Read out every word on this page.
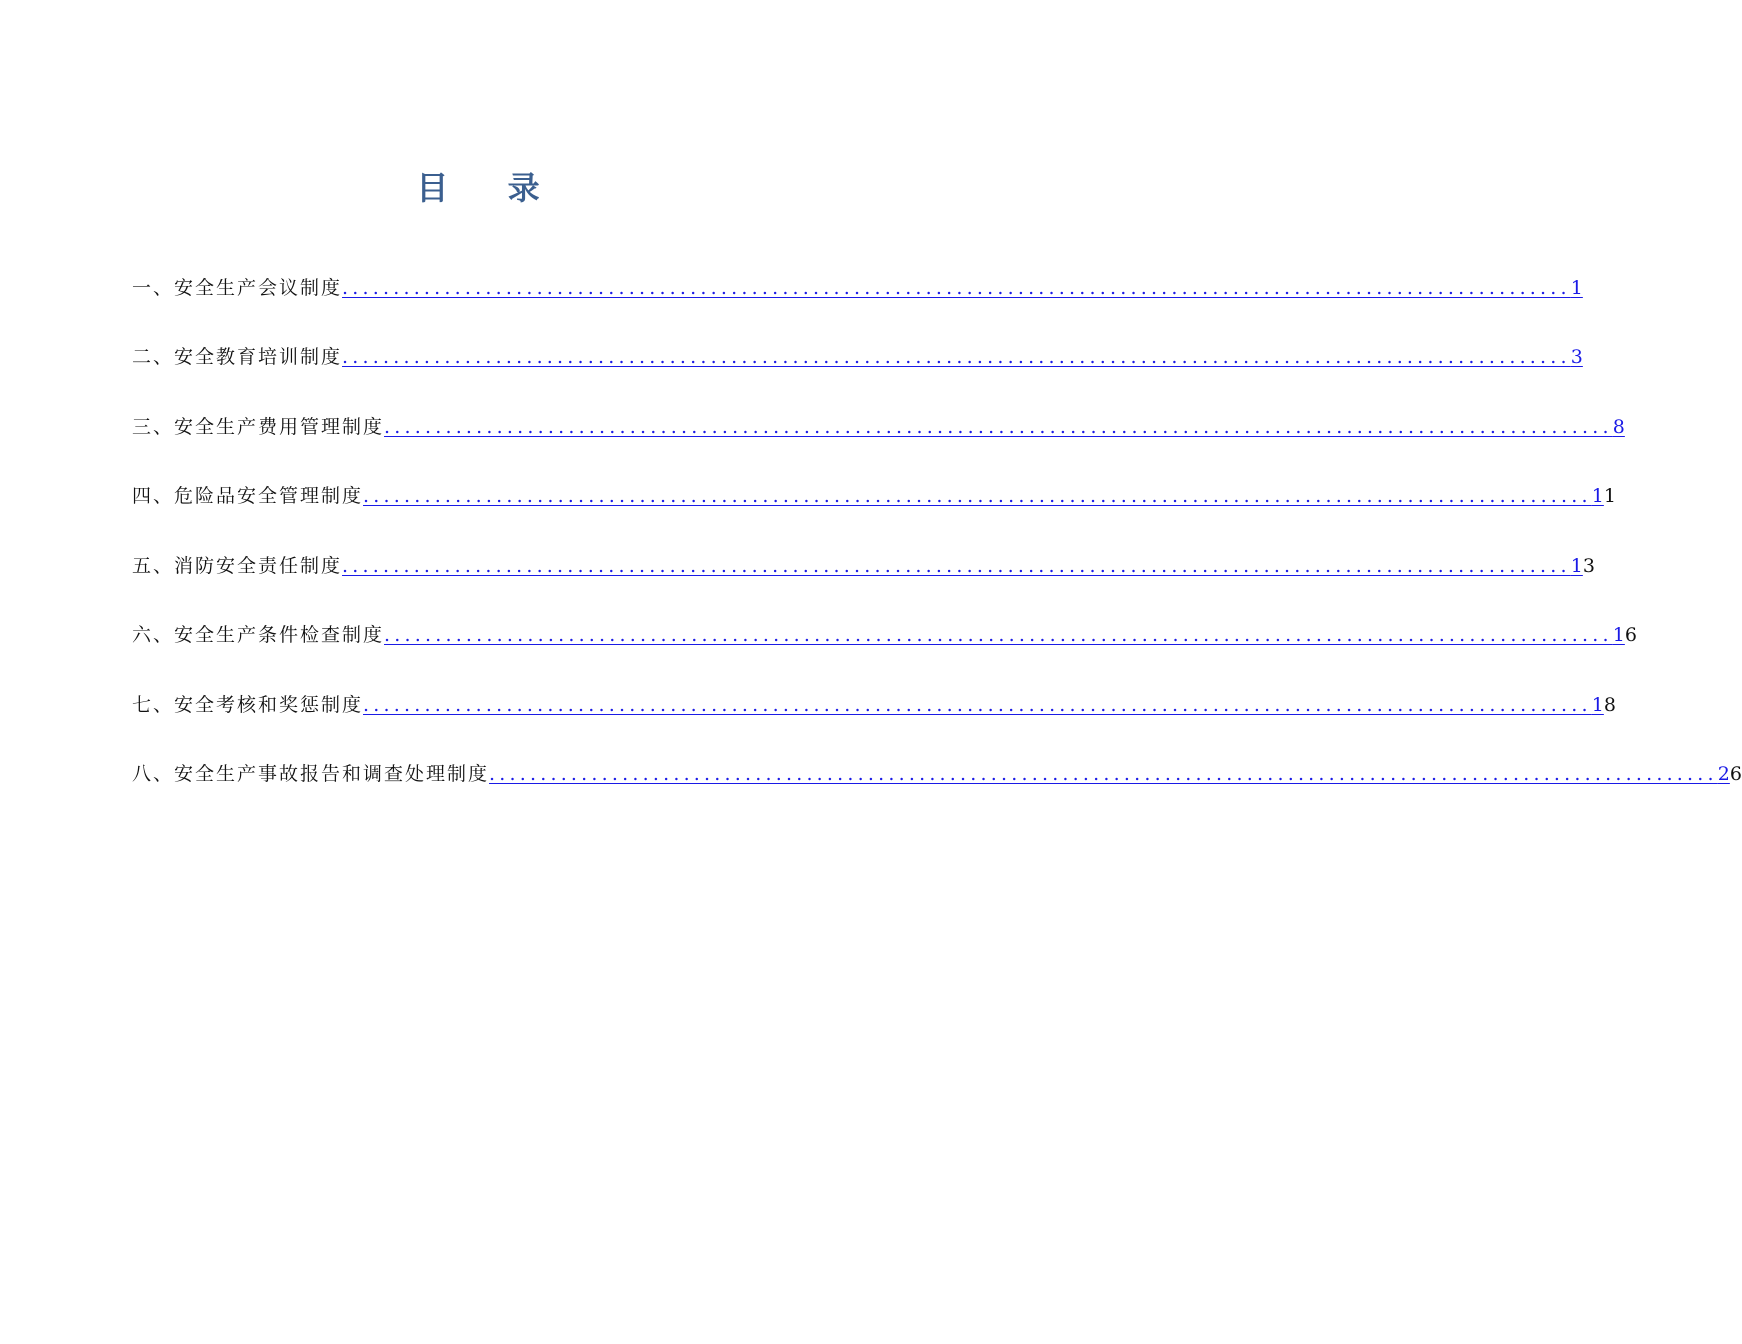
目 录
一、安全生产会议制度 ........................................................................................................................ 1
二、安全教育培训制度 ........................................................................................................................ 3
三、安全生产费用管理制度 ........................................................................................................................ 8
四、危险品安全管理制度 ........................................................................................................................ 1 1
五、消防安全责任制度 ........................................................................................................................ 1 3
六、安全生产条件检查制度 ........................................................................................................................ 1 6
七、安全考核和奖惩制度 ........................................................................................................................ 1 8
八、安全生产事故报告和调查处理制度 ........................................................................................................................ 2 6
